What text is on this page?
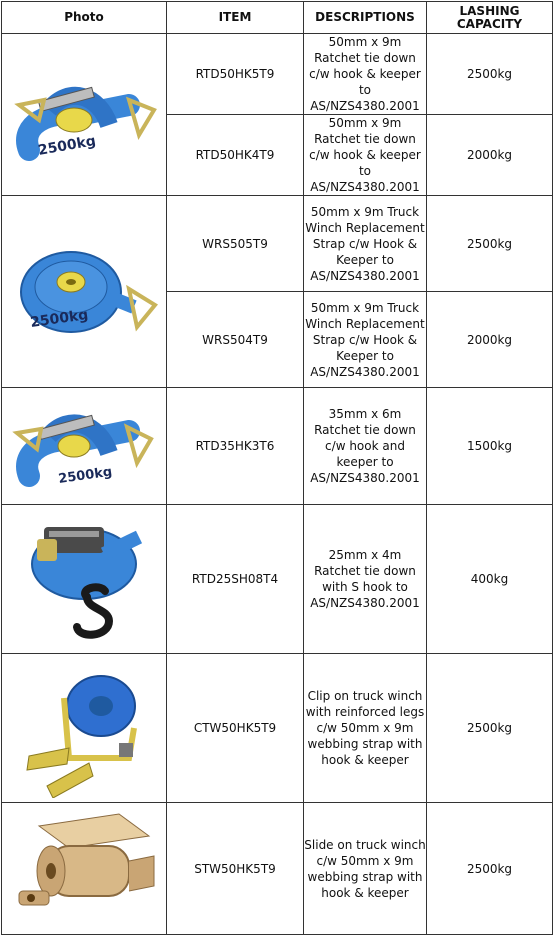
Photo	ITEM	DESCRIPTIONS	LASHING CAPACITY

2500kg	RTD50HK5T9	50mm x 9m Ratchet tie down c/w hook & keeper to AS/NZS4380.2001	2500kg
	RTD50HK4T9	50mm x 9m Ratchet tie down c/w hook & keeper to AS/NZS4380.2001	2000kg

2500kg	WRS505T9	50mm x 9m Truck Winch Replacement Strap c/w Hook & Keeper to AS/NZS4380.2001	2500kg
	WRS504T9	50mm x 9m Truck Winch Replacement Strap c/w Hook & Keeper to AS/NZS4380.2001	2000kg

2500kg	RTD35HK3T6	35mm x 6m Ratchet tie down c/w hook and keeper to AS/NZS4380.2001	1500kg

	RTD25SH08T4	25mm x 4m Ratchet tie down with S hook to AS/NZS4380.2001	400kg

	CTW50HK5T9	Clip on truck winch with reinforced legs c/w 50mm x 9m webbing strap with hook & keeper	2500kg

	STW50HK5T9	Slide on truck winch c/w 50mm x 9m webbing strap with hook & keeper	2500kg
